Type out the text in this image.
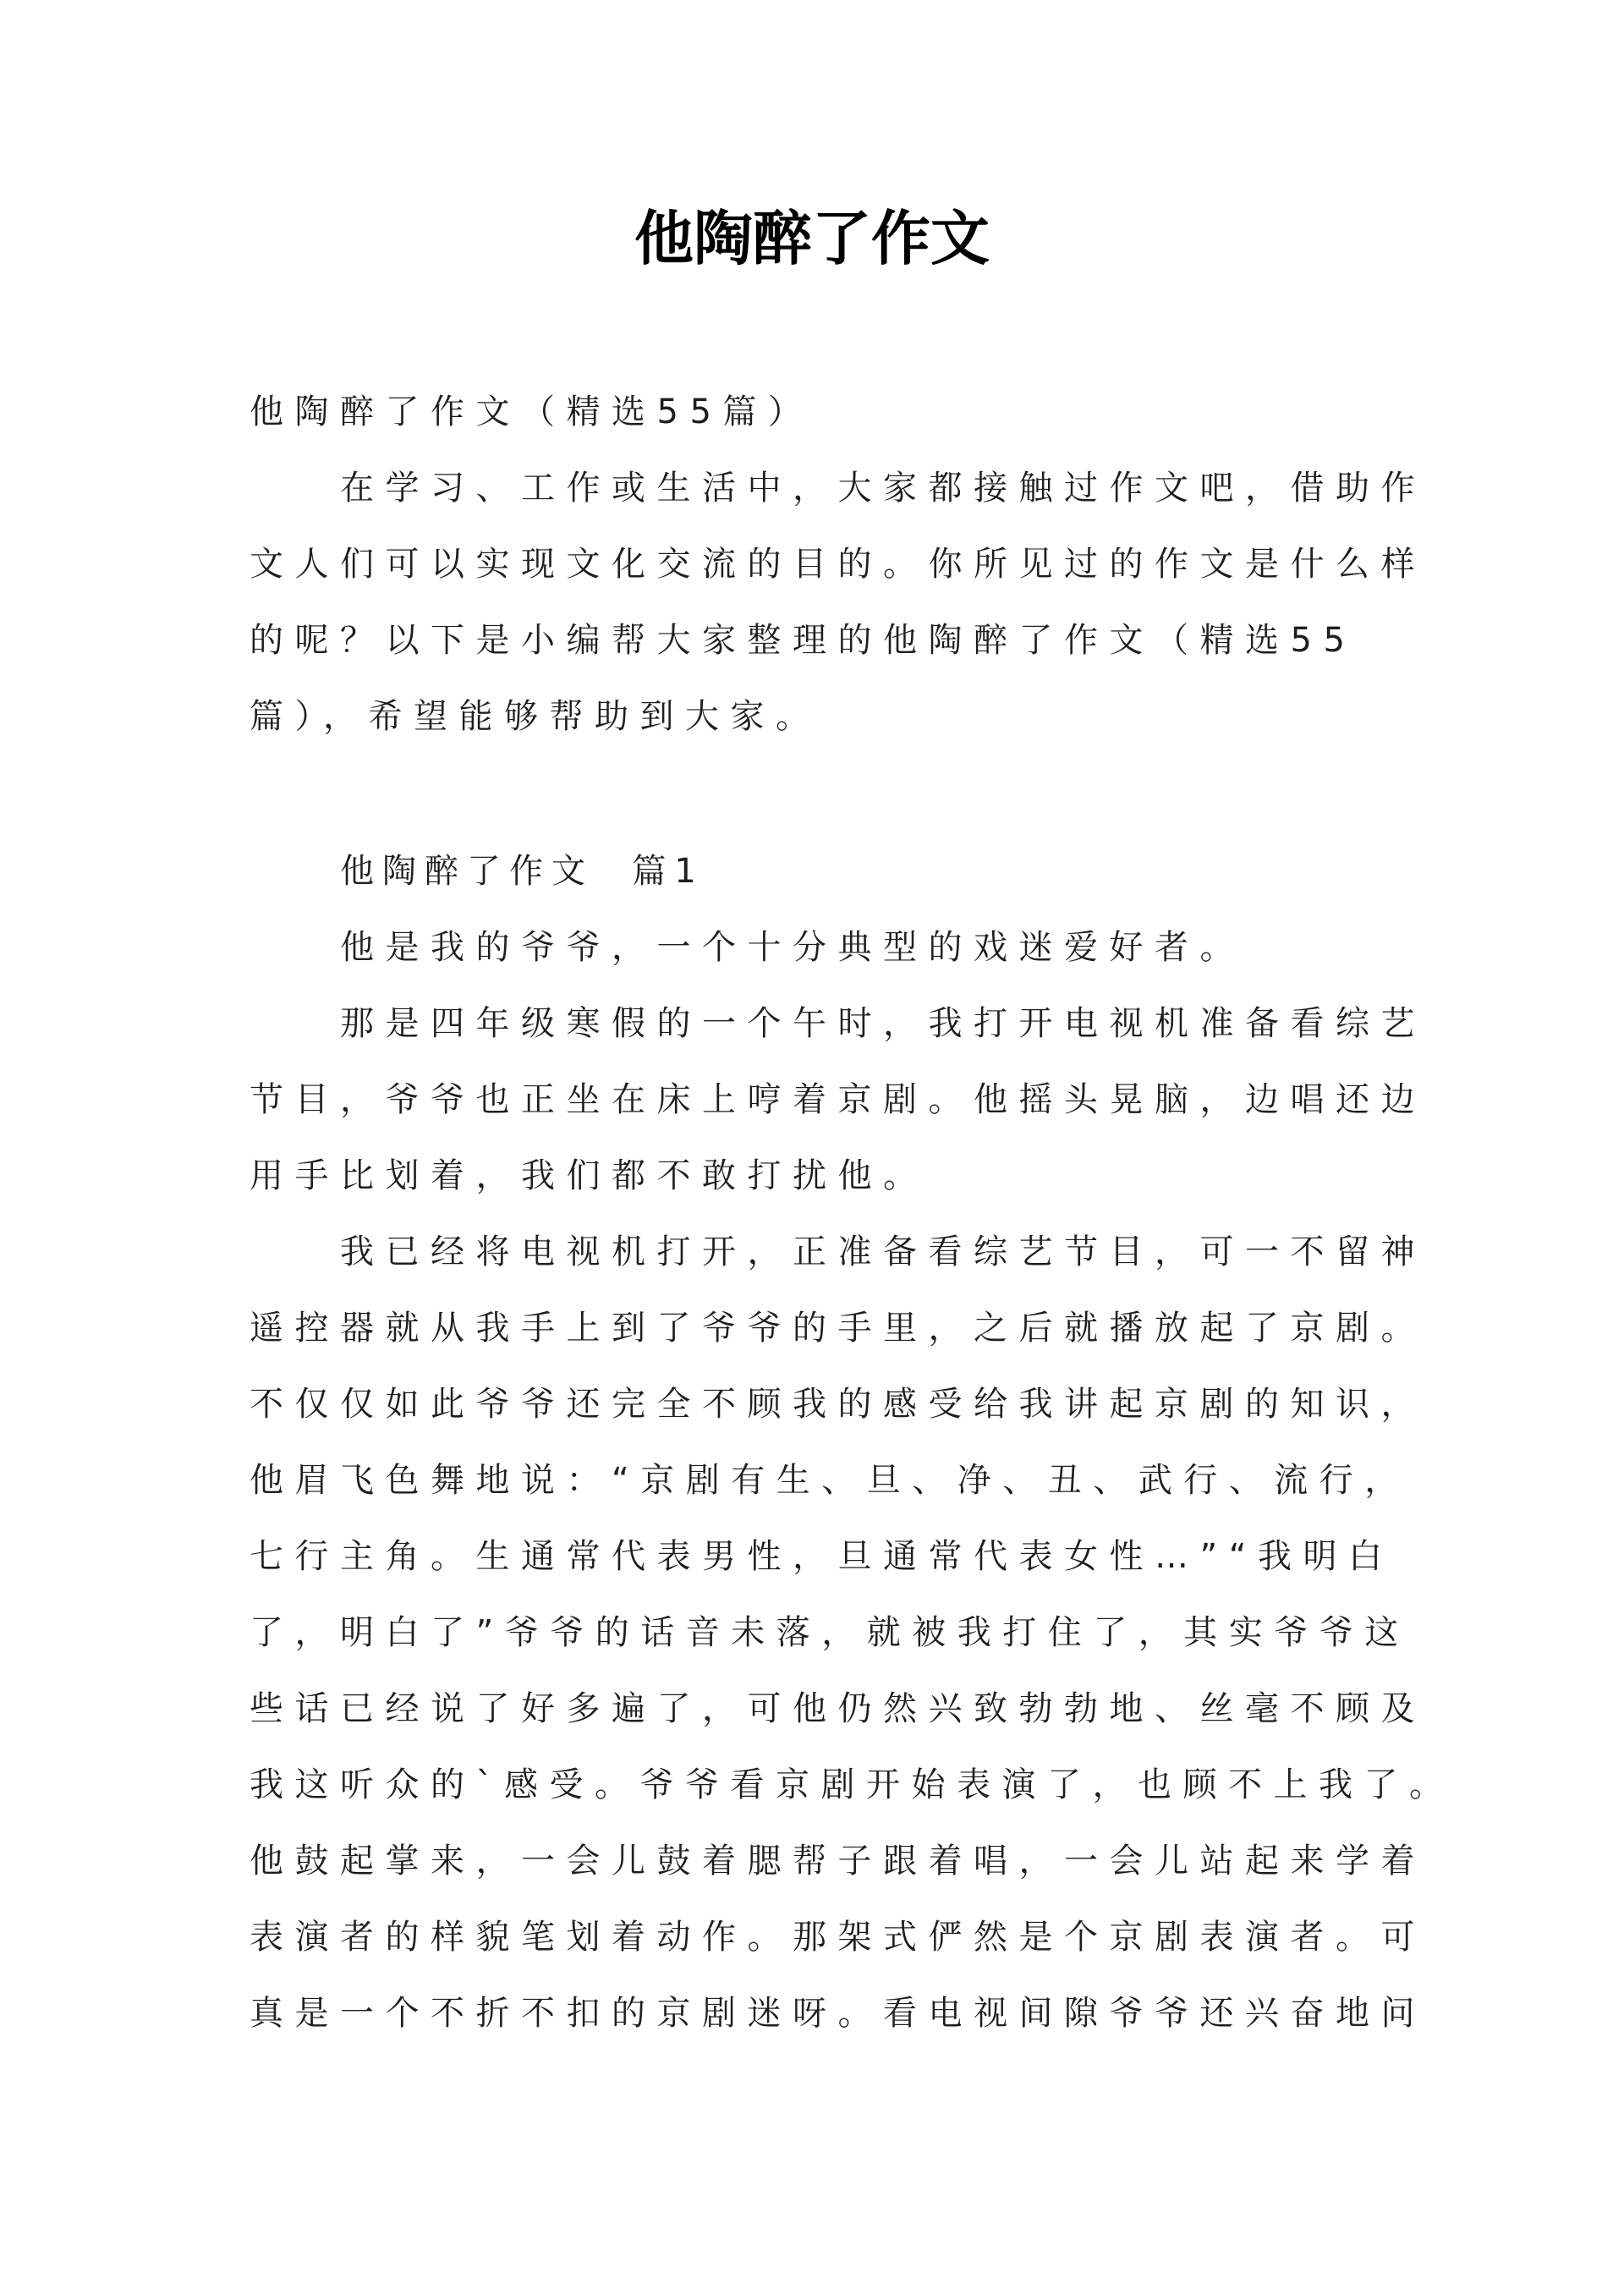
他陶醉了作文

他陶醉了作文（精选55篇）

在学习、工作或生活中，大家都接触过作文吧，借助作

文人们可以实现文化交流的目的。你所见过的作文是什么样

的呢？以下是小编帮大家整理的他陶醉了作文（精选55

篇），希望能够帮助到大家。

他陶醉了作文  篇1

他是我的爷爷，一个十分典型的戏迷爱好者。

那是四年级寒假的一个午时，我打开电视机准备看综艺

节目，爷爷也正坐在床上哼着京剧。他摇头晃脑，边唱还边

用手比划着，我们都不敢打扰他。

我已经将电视机打开，正准备看综艺节目，可一不留神

遥控器就从我手上到了爷爷的手里，之后就播放起了京剧。

不仅仅如此爷爷还完全不顾我的感受给我讲起京剧的知识，

他眉飞色舞地说：“京剧有生、旦、净、丑、武行、流行，

七行主角。生通常代表男性，旦通常代表女性…”“我明白

了，明白了”爷爷的话音未落，就被我打住了，其实爷爷这

些话已经说了好多遍了，可他仍然兴致勃勃地、丝毫不顾及

我这听众的`感受。爷爷看京剧开始表演了，也顾不上我了。

他鼓起掌来，一会儿鼓着腮帮子跟着唱，一会儿站起来学着

表演者的样貌笔划着动作。那架式俨然是个京剧表演者。可

真是一个不折不扣的京剧迷呀。看电视间隙爷爷还兴奋地问
